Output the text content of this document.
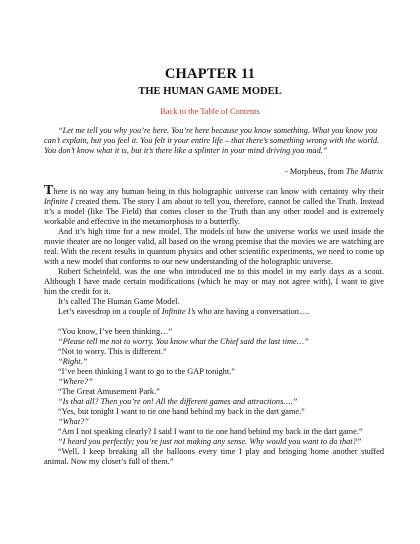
CHAPTER 11
THE HUMAN GAME MODEL
Back to the Table of Contents
“Let me tell you why you’re here. You’re here because you know something. What you know you can’t explain, but you feel it. You felt it your entire life – that there’s something wrong with the world. You don’t know what it is, but it’s there like a splinter in your mind driving you mad.”
- Morpheus, from The Matrix

There is no way any human being in this holographic universe can know with certainty why their Infinite I created them. The story I am about to tell you, therefore, cannot be called the Truth. Instead it’s a model (like The Field) that comes closer to the Truth than any other model and is extremely workable and effective in the metamorphosis to a butterfly.

And it’s high time for a new model. The models of how the universe works we used inside the movie theater are no longer valid, all based on the wrong premise that the movies we are watching are real. With the recent results in quantum physics and other scientific experiments, we need to come up with a new model that conforms to our new understanding of the holographic universe.

Robert Scheinfeld. was the one who introduced me to this model in my early days as a scout. Although I have made certain modifications (which he may or may not agree with), I want to give him the credit for it.

It’s called The Human Game Model.

Let’s eavesdrop on a couple of Infinite I’s who are having a conversation….

“You know, I’ve been thinking…”

“Please tell me not to worry. You know what the Chief said the last time…”

“Not to worry. This is different.”

“Right.”

“I’ve been thinking I want to go to the GAP tonight.”

“Where?”

“The Great Amusement Park.”

“Is that all? Then you’re on! All the different games and attractions….”

“Yes, but tonight I want to tie one hand behind my back in the dart game.”

“What?”

“Am I not speaking clearly? I said I want to tie one hand behind my back in the dart game.”

“I heard you perfectly; you’re just not making any sense. Why would you want to do that?”

“Well, I keep breaking all the balloons every time I play and bringing home another stuffed animal. Now my closet’s full of them.”
